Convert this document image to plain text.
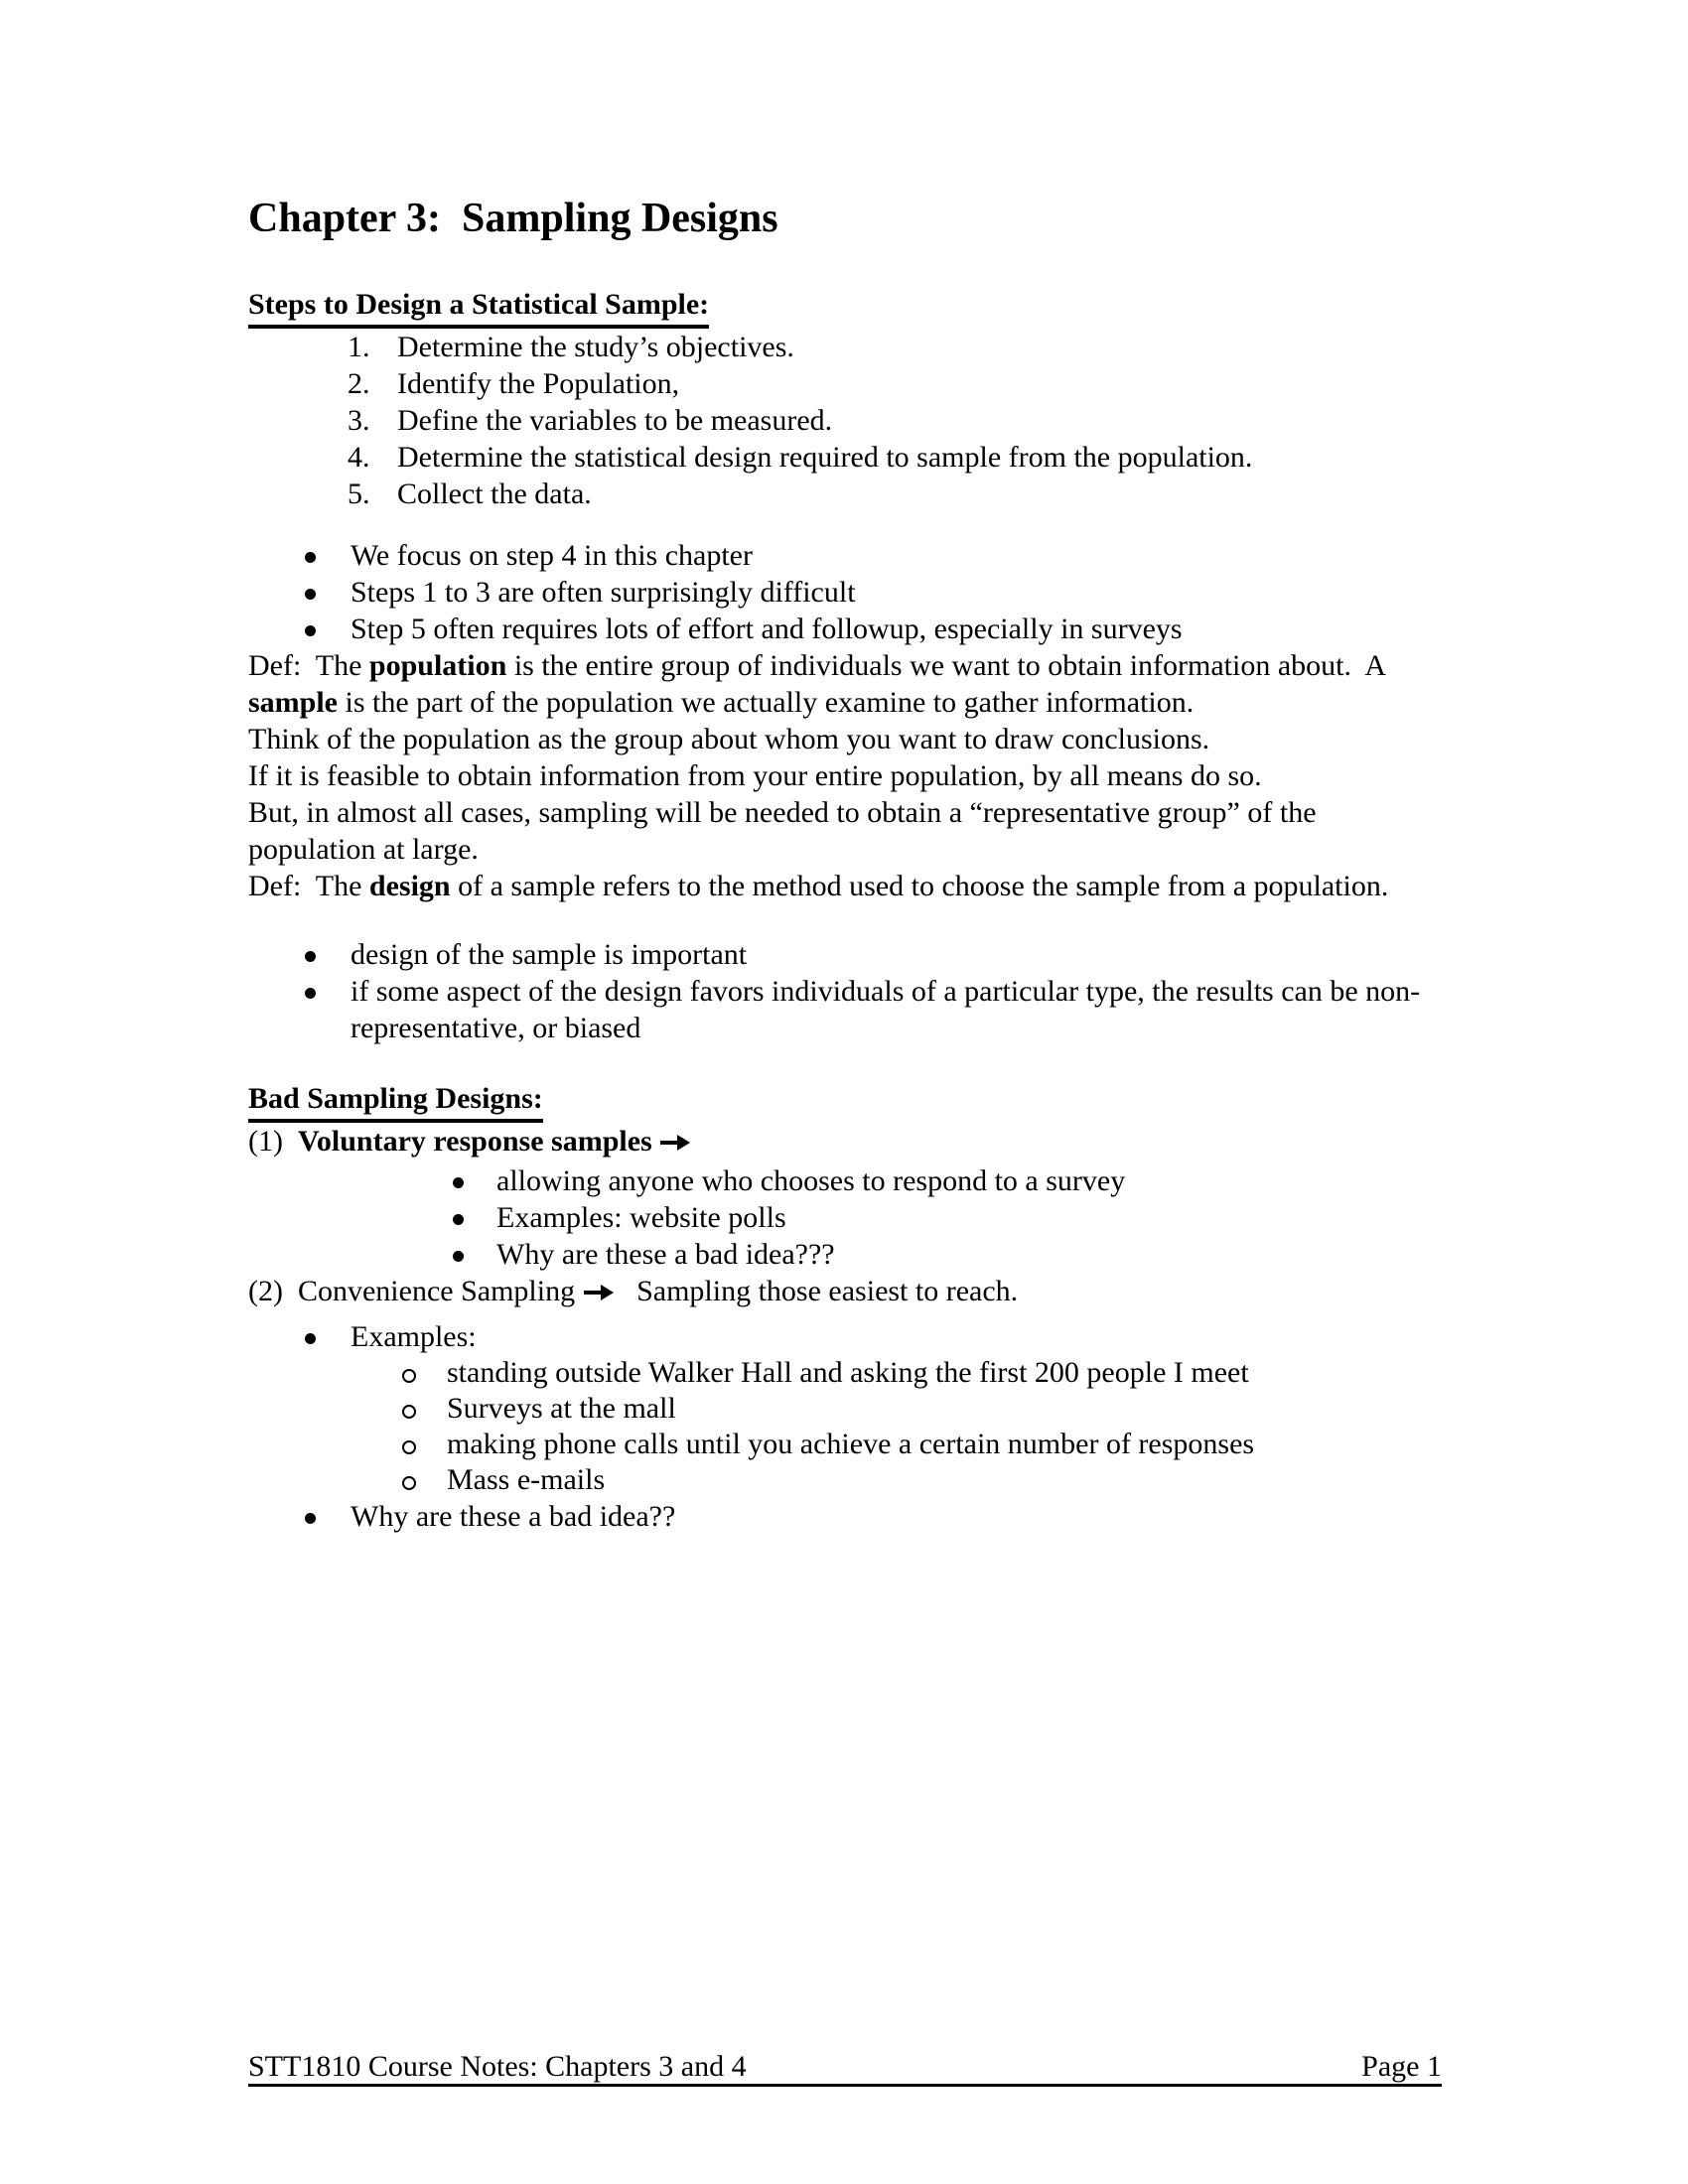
Chapter 3:  Sampling Designs
Steps to Design a Statistical Sample:
1. Determine the study’s objectives.
2. Identify the Population,
3. Define the variables to be measured.
4. Determine the statistical design required to sample from the population.
5. Collect the data.
We focus on step 4 in this chapter
Steps 1 to 3 are often surprisingly difficult
Step 5 often requires lots of effort and followup, especially in surveys

Def:  The population is the entire group of individuals we want to obtain information about.  A
sample is the part of the population we actually examine to gather information.

Think of the population as the group about whom you want to draw conclusions.

If it is feasible to obtain information from your entire population, by all means do so.
But, in almost all cases, sampling will be needed to obtain a “representative group” of the
population at large.

Def:  The design of a sample refers to the method used to choose the sample from a population.

design of the sample is important
if some aspect of the design favors individuals of a particular type, the results can be non-
representative, or biased
Bad Sampling Designs:

(1)  Voluntary response samples

allowing anyone who chooses to respond to a survey
Examples: website polls
Why are these a bad idea???

(2)  Convenience Sampling    Sampling those easiest to reach.

Examples:
standing outside Walker Hall and asking the first 200 people I meet
Surveys at the mall
making phone calls until you achieve a certain number of responses
Mass e-mails
Why are these a bad idea??
STT1810 Course Notes: Chapters 3 and 4	Page 1
